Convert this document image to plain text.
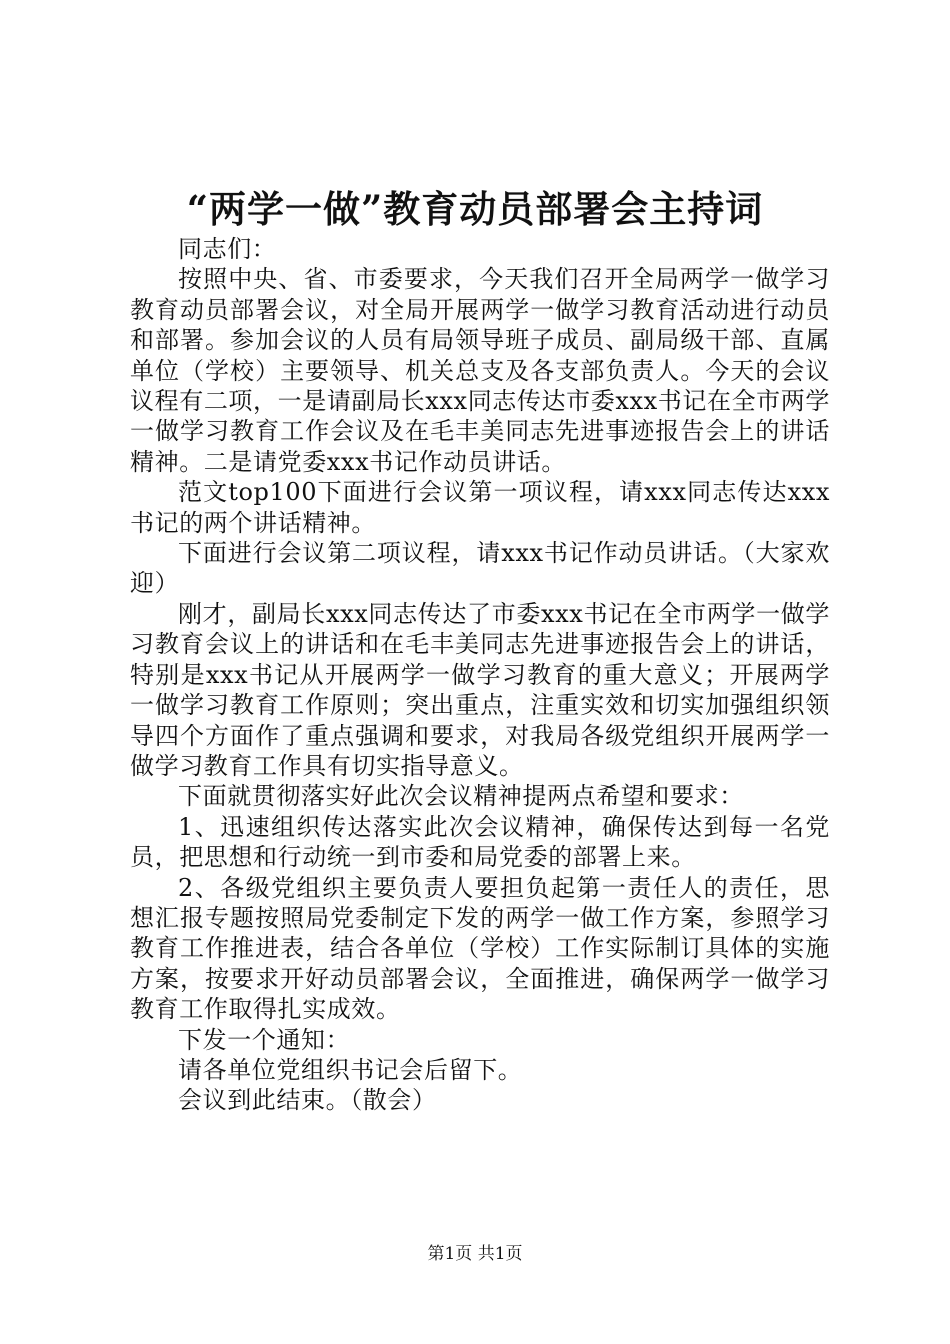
“两学一做”教育动员部署会主持词

同志们：

按照中央、省、市委要求，今天我们召开全局两学一做学习教育动员部署会议，对全局开展两学一做学习教育活动进行动员和部署。参加会议的人员有局领导班子成员、副局级干部、直属单位（学校）主要领导、机关总支及各支部负责人。今天的会议议程有二项，一是请副局长xxx同志传达市委xxx书记在全市两学一做学习教育工作会议及在毛丰美同志先进事迹报告会上的讲话精神。二是请党委xxx书记作动员讲话。

范文top100下面进行会议第一项议程，请xxx同志传达xxx书记的两个讲话精神。

下面进行会议第二项议程，请xxx书记作动员讲话。（大家欢迎）

刚才，副局长xxx同志传达了市委xxx书记在全市两学一做学习教育会议上的讲话和在毛丰美同志先进事迹报告会上的讲话，特别是xxx书记从开展两学一做学习教育的重大意义；开展两学一做学习教育工作原则；突出重点，注重实效和切实加强组织领导四个方面作了重点强调和要求，对我局各级党组织开展两学一做学习教育工作具有切实指导意义。

下面就贯彻落实好此次会议精神提两点希望和要求：

1、迅速组织传达落实此次会议精神，确保传达到每一名党员，把思想和行动统一到市委和局党委的部署上来。

2、各级党组织主要负责人要担负起第一责任人的责任，思想汇报专题按照局党委制定下发的两学一做工作方案，参照学习教育工作推进表，结合各单位（学校）工作实际制订具体的实施方案，按要求开好动员部署会议，全面推进，确保两学一做学习教育工作取得扎实成效。

下发一个通知：

请各单位党组织书记会后留下。

会议到此结束。（散会）

第1页 共1页
